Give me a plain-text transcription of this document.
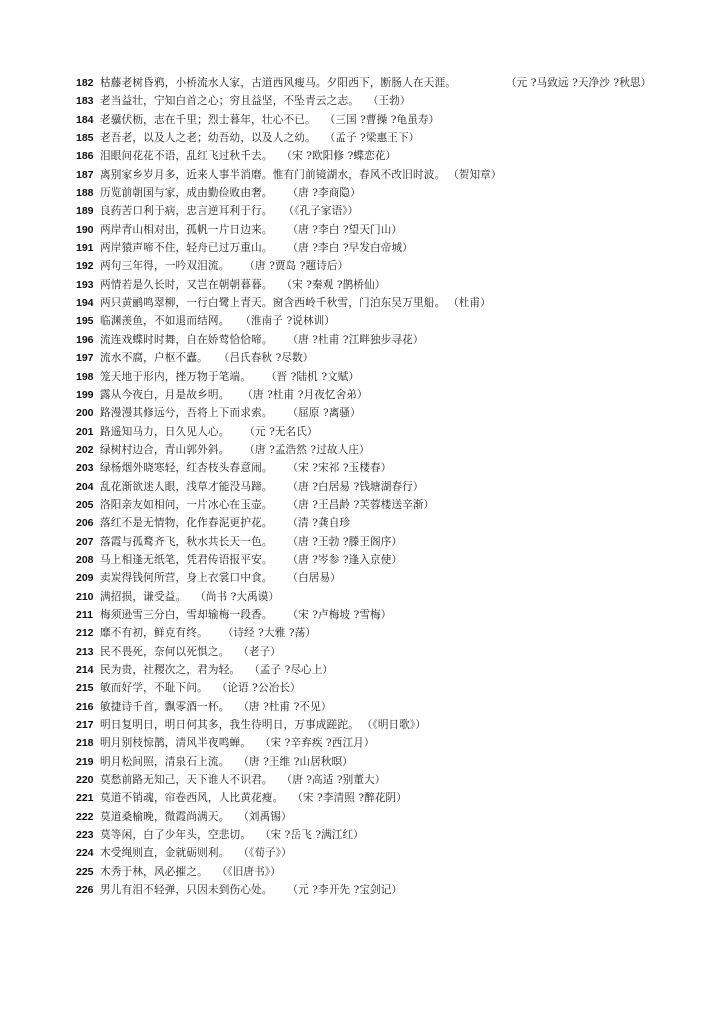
182 枯藤老树昏鸦，小桥流水人家，古道西风瘦马。夕阳西下，断肠人在天涯。	（元 ?马致远 ?天净沙 ?秋思）
183 老当益壮，宁知白首之心；穷且益坚，不坠青云之志。 （王勃）
184 老骥伏枥，志在千里；烈士暮年，壮心不已。 （三国 ?曹操 ?龟虽寿）
185 老吾老，以及人之老；幼吾幼，以及人之幼。 （孟子 ?梁惠王下）
186 泪眼问花花不语，乱红飞过秋千去。 （宋 ?欧阳修 ?蝶恋花）
187 离别家乡岁月多，近来人事半消磨。惟有门前镜湖水，春风不改旧时波。 （贺知章）
188 历览前朝国与家，成由勤俭败由奢。 （唐 ?李商隐）
189 良药苦口利于病，忠言逆耳利于行。 （《孔子家语》）
190 两岸青山相对出，孤帆一片日边来。 （唐 ?李白 ?望天门山）
191 两岸猿声啼不住，轻舟已过万重山。 （唐 ?李白 ?早发白帝城）
192 两句三年得，一吟双泪流。 （唐 ?贾岛 ?题诗后）
193 两情若是久长时，又岂在朝朝暮暮。 （宋 ?秦观 ?鹊桥仙）
194 两只黄鹂鸣翠柳，一行白鹭上青天。窗含西岭千秋雪，门泊东吴万里船。 （杜甫）
195 临渊羡鱼，不如退而结网。 （淮南子 ?说林训）
196 流连戏蝶时时舞，自在娇莺恰恰啼。 （唐 ?杜甫 ?江畔独步寻花）
197 流水不腐，户枢不蠹。 （吕氏春秋 ?尽数）
198 笼天地于形内，挫万物于笔端。 （晋 ?陆机 ?文赋）
199 露从今夜白，月是故乡明。 （唐 ?杜甫 ?月夜忆舍弟）
200 路漫漫其修远兮，吾将上下而求索。 （屈原 ?离骚）
201 路遥知马力，日久见人心。 （元 ?无名氏）
202 绿树村边合，青山郭外斜。 （唐 ?孟浩然 ?过故人庄）
203 绿杨烟外晓寒轻，红杏枝头春意闹。 （宋 ?宋祁 ?玉楼春）
204 乱花渐欲迷人眼，浅草才能没马蹄。 （唐 ?白居易 ?钱塘湖春行）
205 洛阳亲友如相问，一片冰心在玉壶。 （唐 ?王昌龄 ?芙蓉楼送辛渐）
206 落红不是无情物，化作春泥更护花。 （清 ?龚自珍
207 落霞与孤鹜齐飞，秋水共长天一色。 （唐 ?王勃 ?滕王阁序）
208 马上相逢无纸笔，凭君传语报平安。 （唐 ?岑参 ?逢入京使）
209 卖炭得钱何所营，身上衣裳口中食。 （白居易）
210 满招损，谦受益。 （尚书 ?大禹谟）
211 梅须逊雪三分白，雪却输梅一段香。 （宋 ?卢梅坡 ?雪梅）
212 靡不有初，鲜克有终。 （诗经 ?大雅 ?荡）
213 民不畏死，奈何以死惧之。 （老子）
214 民为贵，社稷次之，君为轻。 （孟子 ?尽心上）
215 敏而好学，不耻下问。 （论语 ?公冶长）
216 敏捷诗千首，飘零酒一杯。 （唐 ?杜甫 ?不见）
217 明日复明日，明日何其多，我生待明日，万事成蹉跎。 （《明日歌》）
218 明月别枝惊鹊，清风半夜鸣蝉。 （宋 ?辛弃疾 ?西江月）
219 明月松间照，清泉石上流。 （唐 ?王维 ?山居秋暝）
220 莫愁前路无知己，天下谁人不识君。 （唐 ?高适 ?别董大）
221 莫道不销魂，帘卷西风，人比黄花瘦。 （宋 ?李清照 ?醉花阴）
222 莫道桑榆晚，微霞尚满天。 （刘禹锡）
223 莫等闲，白了少年头，空悲切。 （宋 ?岳飞 ?满江红）
224 木受绳则直，金就砺则利。 （《荀子》）
225 木秀于林，风必摧之。 （《旧唐书》）
226 男儿有泪不轻弹，只因未到伤心处。 （元 ?李开先 ?宝剑记）
